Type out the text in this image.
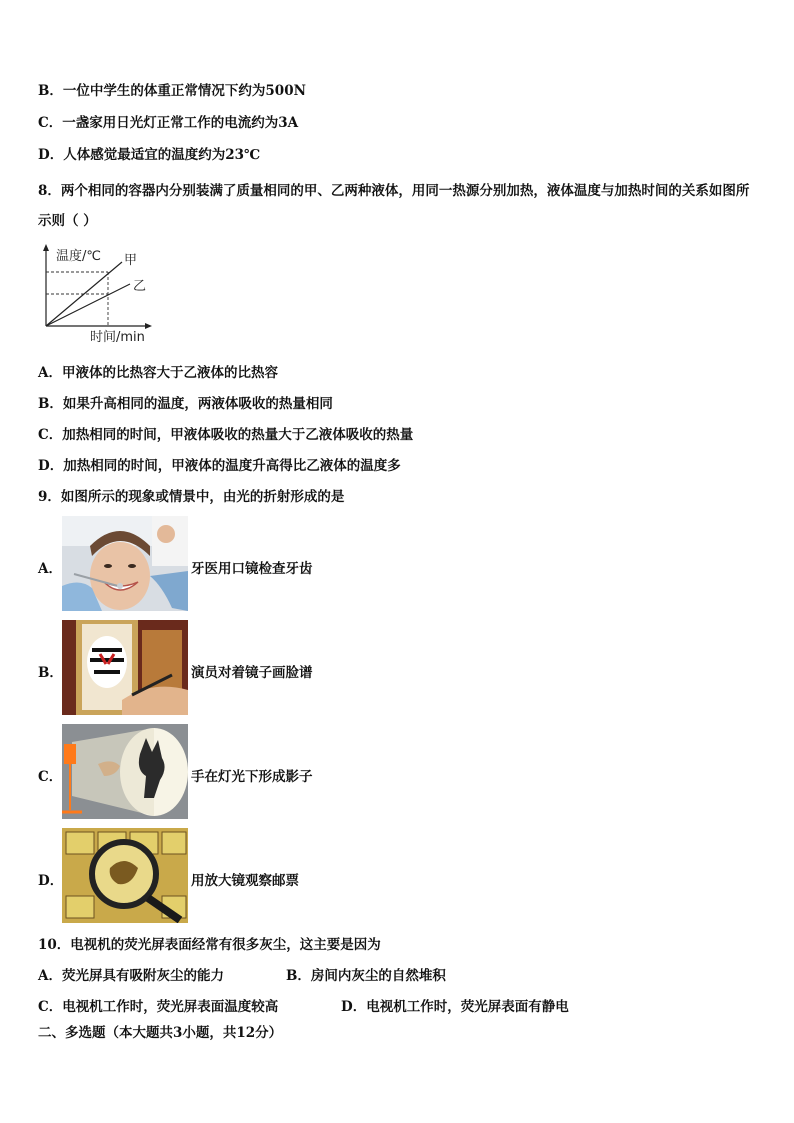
B．一位中学生的体重正常情况下约为500N
C．一盏家用日光灯正常工作的电流约为3A
D．人体感觉最适宜的温度约为23℃
8．两个相同的容器内分别装满了质量相同的甲、乙两种液体，用同一热源分别加热，液体温度与加热时间的关系如图所示则（ ）
温度/℃ 甲
乙
时间/min
A．甲液体的比热容大于乙液体的比热容
B．如果升高相同的温度，两液体吸收的热量相同
C．加热相同的时间，甲液体吸收的热量大于乙液体吸收的热量
D．加热相同的时间，甲液体的温度升高得比乙液体的温度多
9．如图所示的现象或情景中，由光的折射形成的是
A．	牙医用口镜检查牙齿
B．	演员对着镜子画脸谱
C．	手在灯光下形成影子
D．	用放大镜观察邮票
10．电视机的荧光屏表面经常有很多灰尘，这主要是因为
A．荧光屏具有吸附灰尘的能力	B．房间内灰尘的自然堆积
C．电视机工作时，荧光屏表面温度较高	D．电视机工作时，荧光屏表面有静电
二、多选题（本大题共3小题，共12分）
